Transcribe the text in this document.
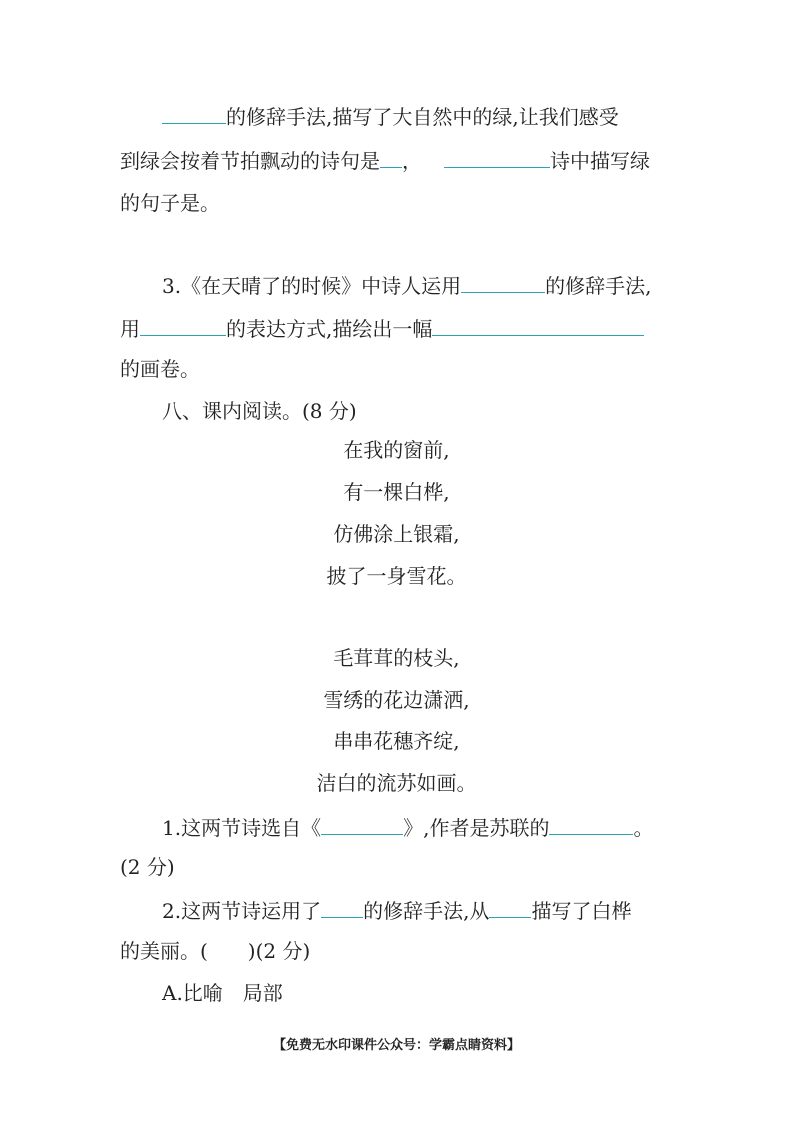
的修辞手法,描写了大自然中的绿,让我们感受
到绿会按着节拍飘动的诗句是 ，	诗中描写绿
的句子是。
3.《在天晴了的时候》中诗人运用	的修辞手法,
用	的表达方式,描绘出一幅
的画卷。
八、课内阅读。(8 分)
在我的窗前,
有一棵白桦,
仿佛涂上银霜,
披了一身雪花。
毛茸茸的枝头,
雪绣的花边潇洒,
串串花穗齐绽,
洁白的流苏如画。
1.这两节诗选自《	》,作者是苏联的	。
(2 分)
2.这两节诗运用了 的修辞手法,从 描写了白桦
的美丽。(　　)(2 分)
A.比喻　局部
【免费无水印课件公众号：学霸点睛资料】
